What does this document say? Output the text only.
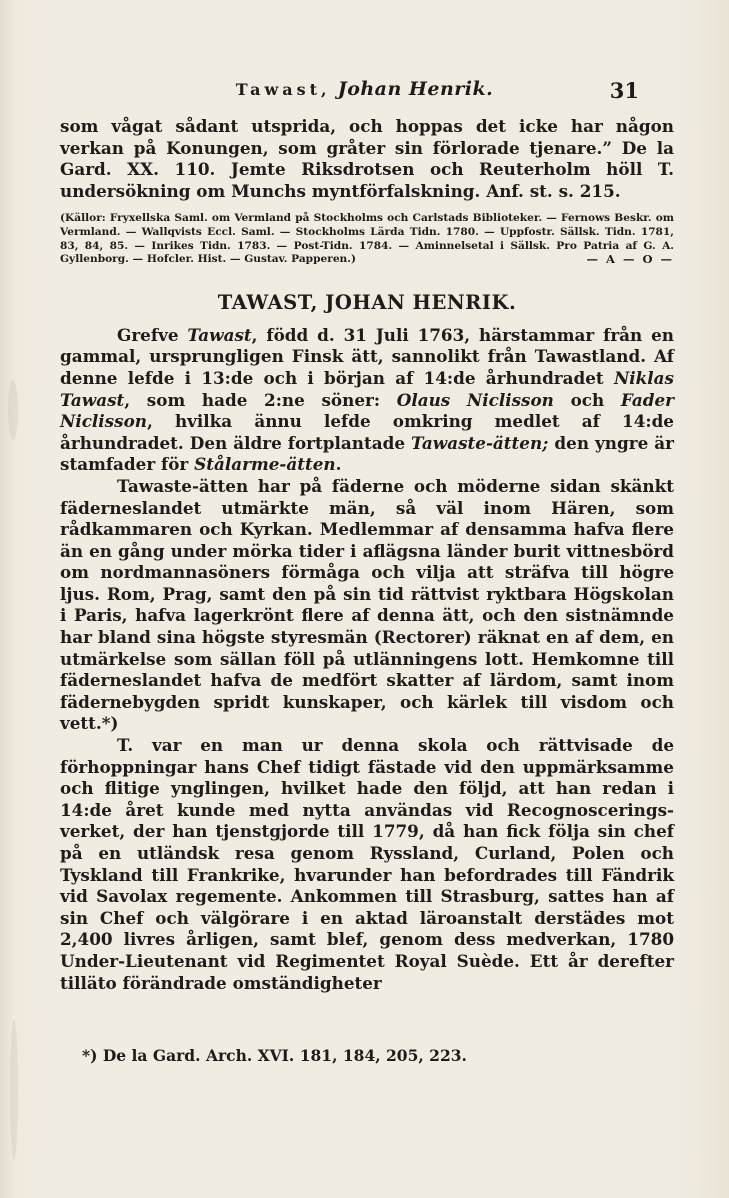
Tawast, Johan Henrik.	31

som vågat sådant utsprida, och hoppas det icke har någon verkan på Konungen, som gråter sin förlorade tjenare.” De la Gard. XX. 110. Jemte Riksdrotsen och Reuterholm höll T. undersökning om Munchs myntförfalskning. Anf. st. s. 215.

(Källor: Fryxellska Saml. om Vermland på Stockholms och Carlstads Biblioteker. — Fernows Beskr. om Vermland. — Wallqvists Eccl. Saml. — Stockholms Lärda Tidn. 1780. — Uppfostr. Sällsk. Tidn. 1781, 83, 84, 85. — Inrikes Tidn. 1783. — Post-Tidn. 1784. — Aminnelsetal i Sällsk. Pro Patria af G. A. Gyllenborg. — Hofcler. Hist. — Gustav. Papperen.)	— A — O —

TAWAST, JOHAN HENRIK.

Grefve Tawast, född d. 31 Juli 1763, härstammar från en gammal, ursprungligen Finsk ätt, sannolikt från Tawastland. Af denne lefde i 13:de och i början af 14:de århundradet Niklas Tawast, som hade 2:ne söner: Olaus Niclisson och Fader Niclisson, hvilka ännu lefde omkring medlet af 14:de århundradet. Den äldre fortplantade Tawaste-ätten; den yngre är stamfader för Stålarme-ätten.

Tawaste-ätten har på fäderne och möderne sidan skänkt fäderneslandet utmärkte män, så väl inom Hären, som rådkammaren och Kyrkan. Medlemmar af densamma hafva flere än en gång under mörka tider i aflägsna länder burit vittnesbörd om nordmannasöners förmåga och vilja att sträfva till högre ljus. Rom, Prag, samt den på sin tid rättvist ryktbara Högskolan i Paris, hafva lagerkrönt flere af denna ätt, och den sistnämnde har bland sina högste styresmän (Rectorer) räknat en af dem, en utmärkelse som sällan föll på utlänningens lott. Hemkomne till fäderneslandet hafva de medfört skatter af lärdom, samt inom fädernebygden spridt kunskaper, och kärlek till visdom och vett.*)

T. var en man ur denna skola och rättvisade de förhoppningar hans Chef tidigt fästade vid den uppmärksamme och flitige ynglingen, hvilket hade den följd, att han redan i 14:de året kunde med nytta användas vid Recognoscerings-verket, der han tjenstgjorde till 1779, då han fick följa sin chef på en utländsk resa genom Ryssland, Curland, Polen och Tyskland till Frankrike, hvarunder han befordrades till Fändrik vid Savolax regemente. Ankommen till Strasburg, sattes han af sin Chef och välgörare i en aktad läroanstalt derstädes mot 2,400 livres årligen, samt blef, genom dess medverkan, 1780 Under-Lieutenant vid Regimentet Royal Suède. Ett år derefter tilläto förändrade omständigheter

*) De la Gard. Arch. XVI. 181, 184, 205, 223.
